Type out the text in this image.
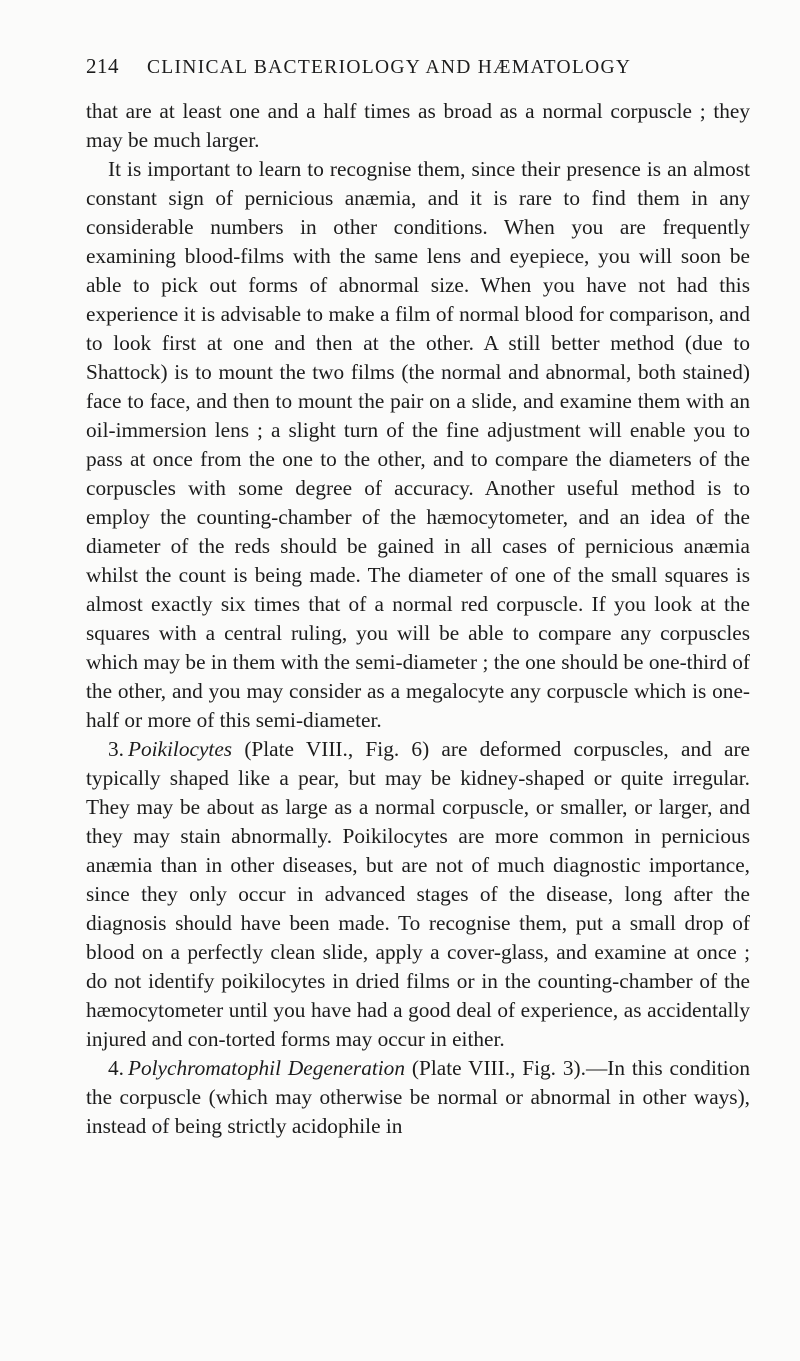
214 CLINICAL BACTERIOLOGY AND HÆMATOLOGY

that are at least one and a half times as broad as a normal corpuscle ; they may be much larger.

It is important to learn to recognise them, since their presence is an almost constant sign of pernicious anæmia, and it is rare to find them in any considerable numbers in other conditions. When you are frequently examining blood-films with the same lens and eyepiece, you will soon be able to pick out forms of abnormal size. When you have not had this experience it is advisable to make a film of normal blood for comparison, and to look first at one and then at the other. A still better method (due to Shattock) is to mount the two films (the normal and abnormal, both stained) face to face, and then to mount the pair on a slide, and examine them with an oil-immersion lens ; a slight turn of the fine adjustment will enable you to pass at once from the one to the other, and to compare the diameters of the corpuscles with some degree of accuracy. Another useful method is to employ the counting-chamber of the hæmocytometer, and an idea of the diameter of the reds should be gained in all cases of pernicious anæmia whilst the count is being made. The diameter of one of the small squares is almost exactly six times that of a normal red corpuscle. If you look at the squares with a central ruling, you will be able to compare any corpuscles which may be in them with the semi-diameter ; the one should be one-third of the other, and you may consider as a megalocyte any corpuscle which is one-half or more of this semi-diameter.

3. Poikilocytes (Plate VIII., Fig. 6) are deformed corpuscles, and are typically shaped like a pear, but may be kidney-shaped or quite irregular. They may be about as large as a normal corpuscle, or smaller, or larger, and they may stain abnormally. Poikilocytes are more common in pernicious anæmia than in other diseases, but are not of much diagnostic importance, since they only occur in advanced stages of the disease, long after the diagnosis should have been made. To recognise them, put a small drop of blood on a perfectly clean slide, apply a cover-glass, and examine at once ; do not identify poikilocytes in dried films or in the counting-chamber of the hæmocytometer until you have had a good deal of experience, as accidentally injured and con-torted forms may occur in either.

4. Polychromatophil Degeneration (Plate VIII., Fig. 3).—In this condition the corpuscle (which may otherwise be normal or abnormal in other ways), instead of being strictly acidophile in
